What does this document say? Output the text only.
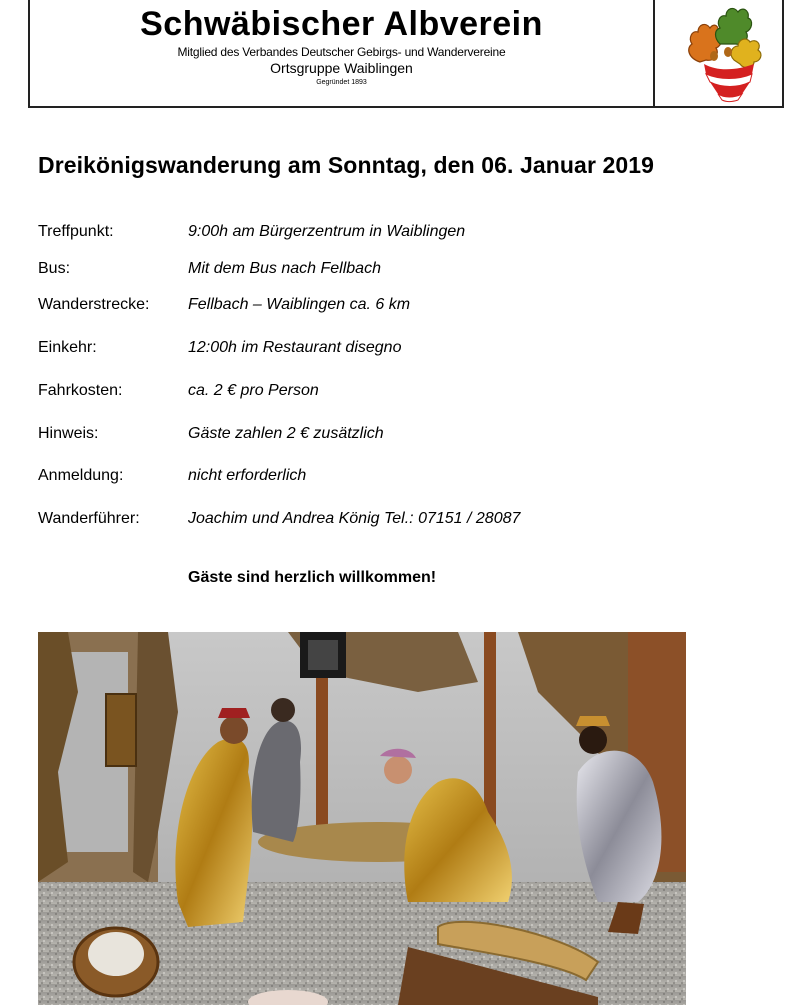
Schwäbischer Albverein
Mitglied des Verbandes Deutscher Gebirgs- und Wandervereine
Ortsgruppe Waiblingen
Gegründet 1893
Dreikönigswanderung am Sonntag, den 06. Januar 2019
Treffpunkt:	9:00h am Bürgerzentrum in Waiblingen
Bus:	Mit dem Bus nach Fellbach
Wanderstrecke: Fellbach – Waiblingen ca. 6 km
Einkehr:	12:00h im Restaurant disegno
Fahrkosten:	ca. 2 € pro Person
Hinweis:	Gäste zahlen 2 € zusätzlich
Anmeldung:	nicht erforderlich
Wanderführer:	Joachim und Andrea König Tel.: 07151 / 28087
Gäste sind herzlich willkommen!
